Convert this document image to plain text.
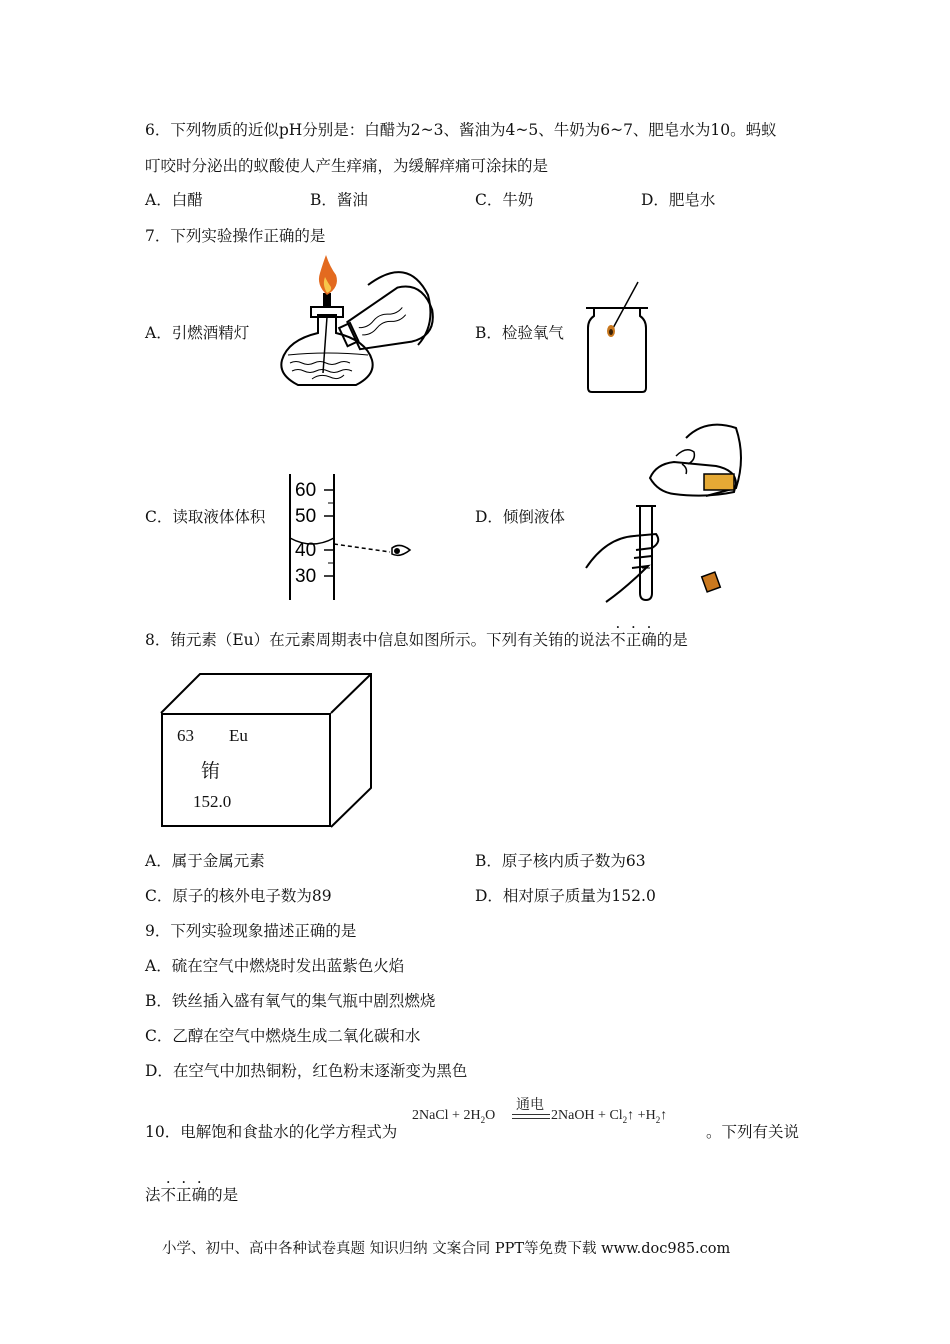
6．下列物质的近似pH分别是：白醋为2~3、酱油为4~5、牛奶为6~7、肥皂水为10。蚂蚁
叮咬时分泌出的蚁酸使人产生痒痛，为缓解痒痛可涂抹的是
A．白醋	B．酱油	C．牛奶	D．肥皂水
7．下列实验操作正确的是
A．引燃酒精灯	B．检验氧气
C．读取液体体积	D．倾倒液体
60
50
40
30
8．铕元素（Eu）在元素周期表中信息如图所示。下列有关铕的说法不正确的是
63 Eu
铕
152.0
A．属于金属元素	B．原子核内质子数为63
C．原子的核外电子数为89	D．相对原子质量为152.0
9．下列实验现象描述正确的是
A．硫在空气中燃烧时发出蓝紫色火焰
B．铁丝插入盛有氧气的集气瓶中剧烈燃烧
C．乙醇在空气中燃烧生成二氧化碳和水
D．在空气中加热铜粉，红色粉末逐渐变为黑色
10．电解饱和食盐水的化学方程式为
2NaCl + $2H_2O$
通电
2NaOH + $Cl_2↑$ $+H_2↑$
。下列有关说
法不正确的是
小学、初中、高中各种试卷真题 知识归纳 文案合同 PPT等免费下载 www.doc985.com
